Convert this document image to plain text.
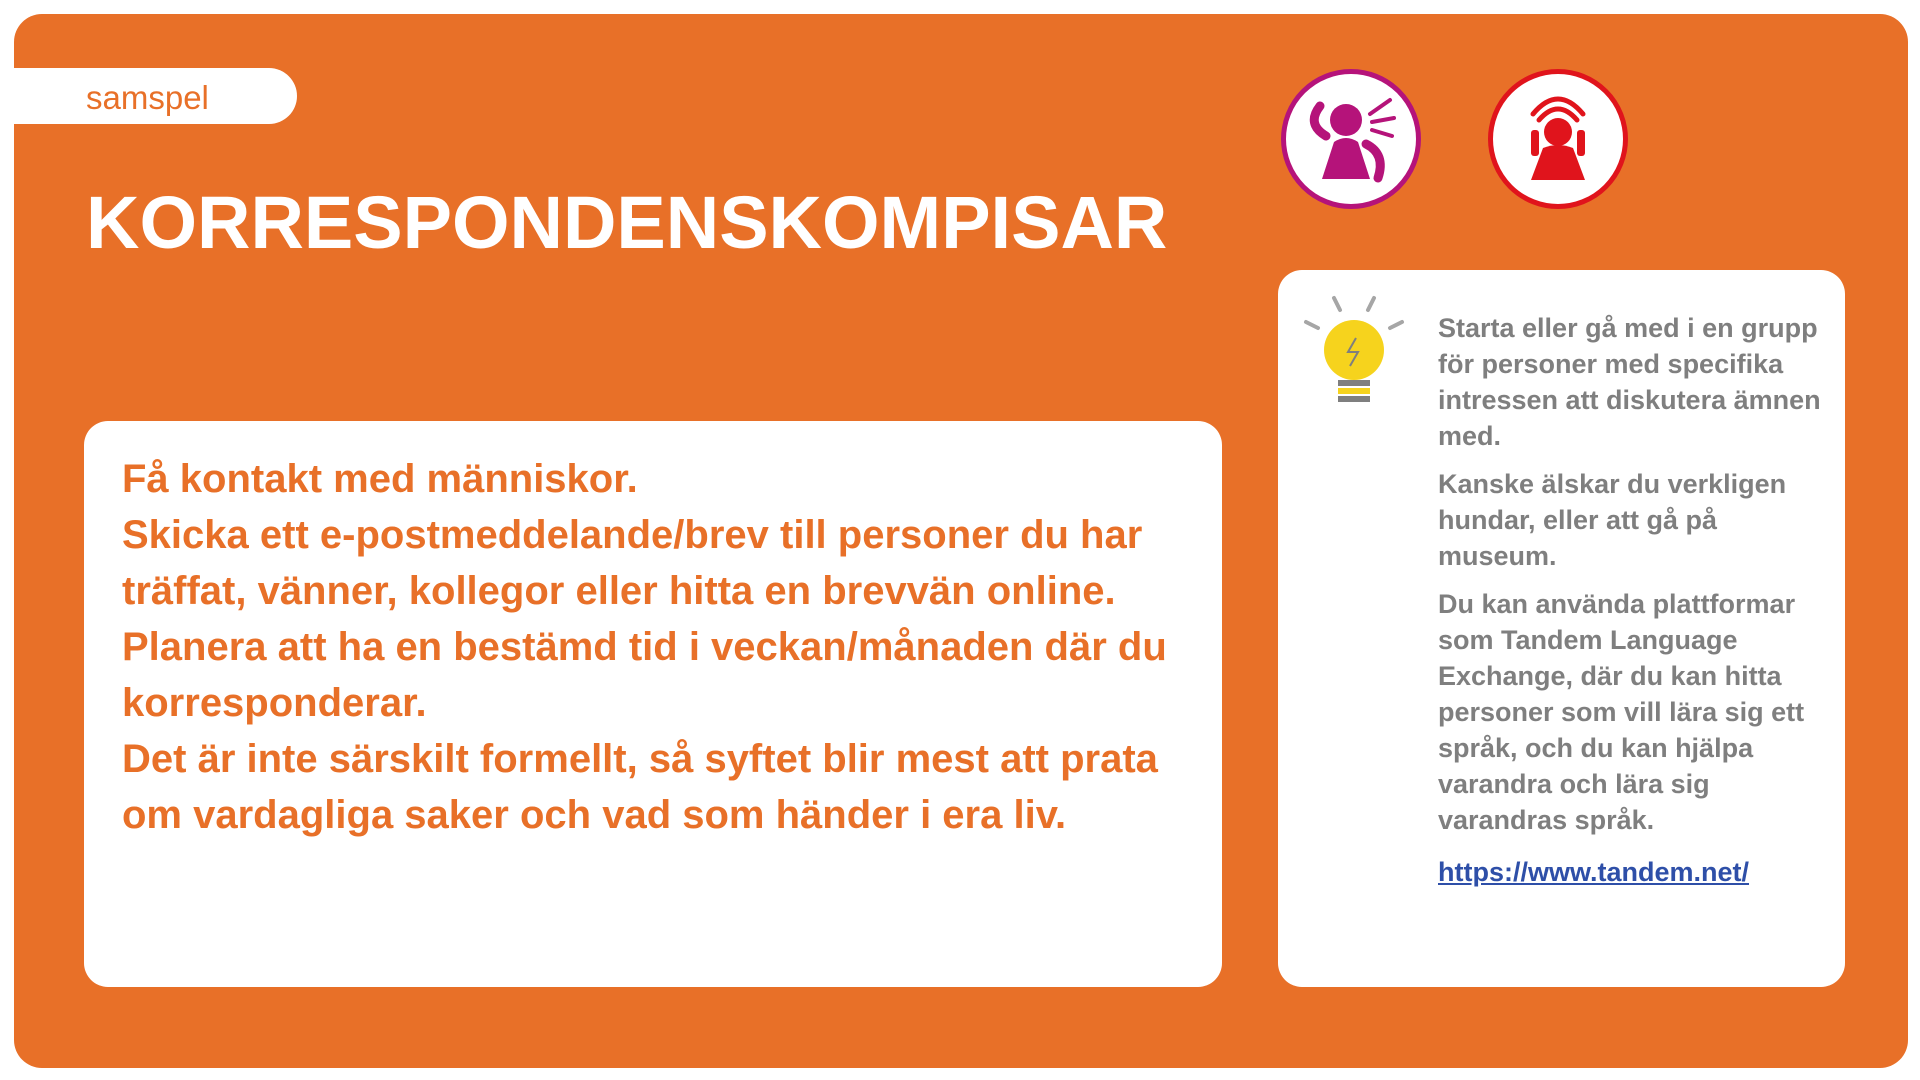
samspel
KORRESPONDENSKOMPISAR
Få kontakt med människor.
Skicka ett e-postmeddelande/brev till personer du har träffat, vänner, kollegor eller hitta en brevvän online.
Planera att ha en bestämd tid i veckan/månaden där du korresponderar.
Det är inte särskilt formellt, så syftet blir mest att prata om vardagliga saker och vad som händer i era liv.

Starta eller gå med i en grupp för personer med specifika intressen att diskutera ämnen med.

Kanske älskar du verkligen hundar, eller att gå på museum.

Du kan använda plattformar som Tandem Language Exchange, där du kan hitta personer som vill lära sig ett språk, och du kan hjälpa varandra och lära sig varandras språk.

https://www.tandem.net/
